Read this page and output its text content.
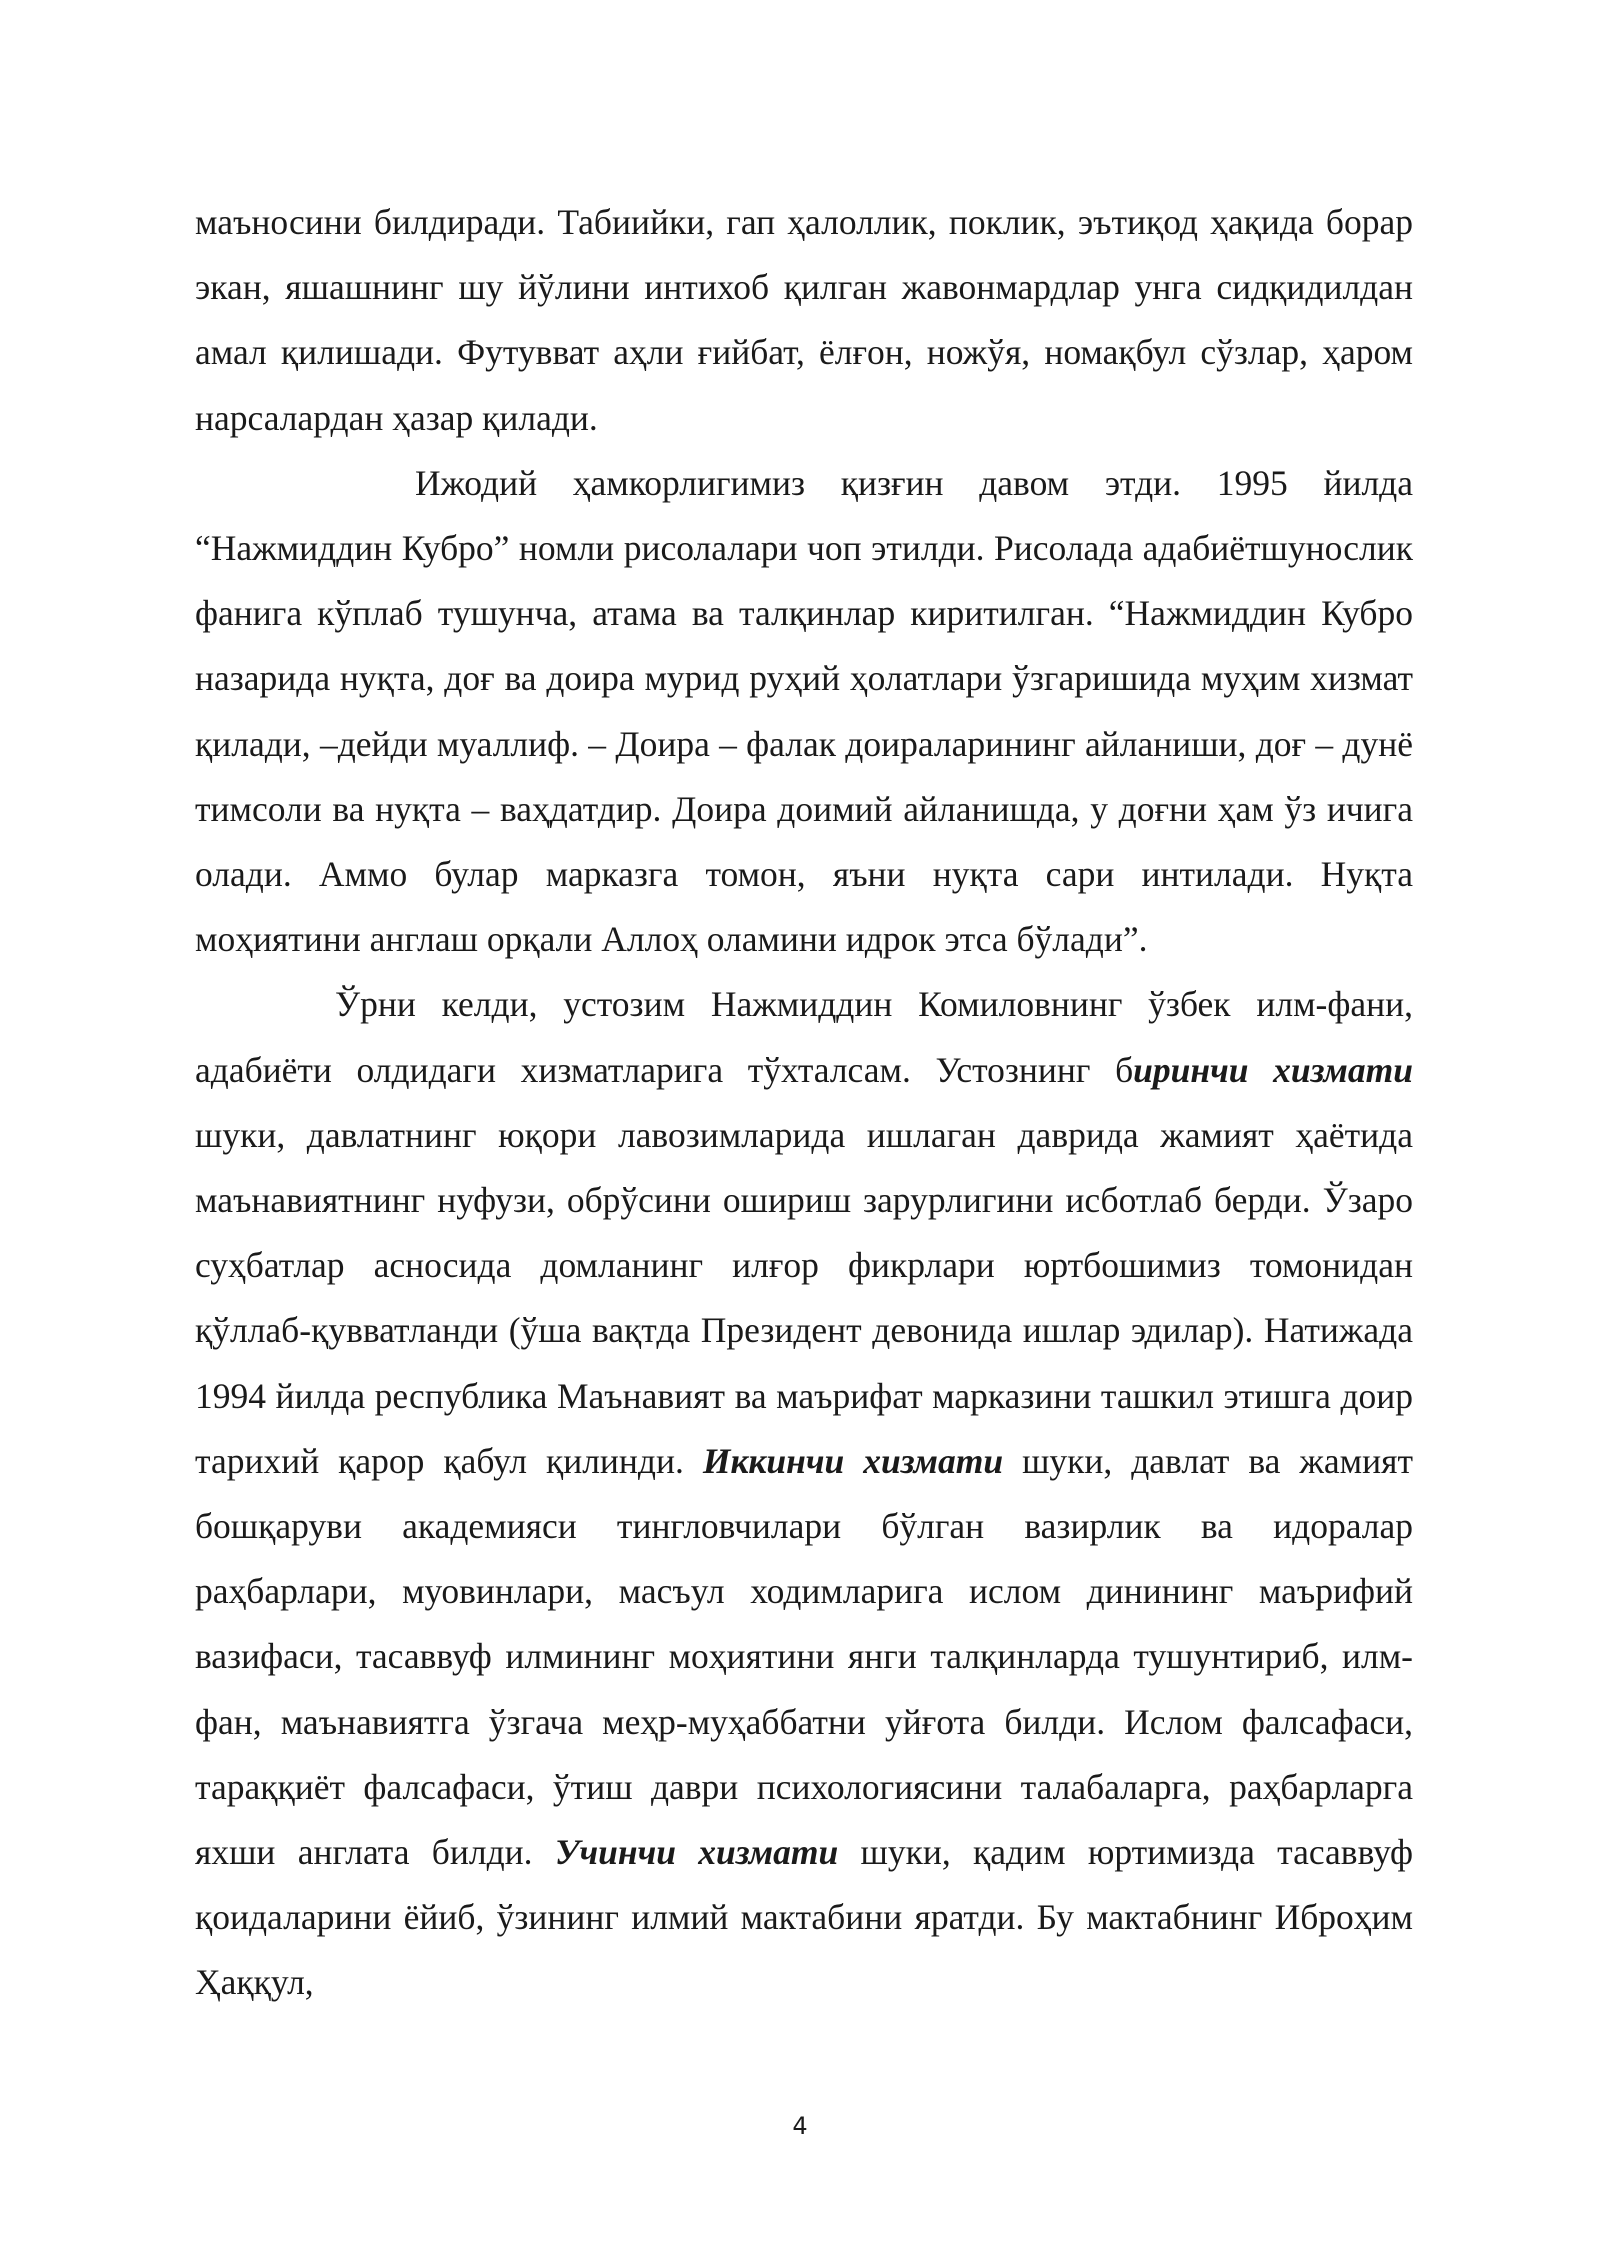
маъносини билдиради. Табиийки, гап ҳалоллик, поклик, эътиқод ҳақида борар экан, яшашнинг шу йўлини интихоб қилган жавонмардлар унга сидқидилдан амал қилишади. Футувват аҳли ғийбат, ёлғон, ножўя, номақбул сўзлар, ҳаром нарсалардан ҳазар қилади.

Ижодий ҳамкорлигимиз қизғин давом этди. 1995 йилда “Нажмиддин Кубро” номли рисолалари чоп этилди. Рисолада адабиётшунослик фанига кўплаб тушунча, атама ва талқинлар киритилган. “Нажмиддин Кубро назарида нуқта, доғ ва доира мурид руҳий ҳолатлари ўзгаришида муҳим хизмат қилади, –дейди муаллиф. – Доира – фалак доираларининг айланиши, доғ – дунё тимсоли ва нуқта – ваҳдатдир. Доира доимий айланишда, у доғни ҳам ўз ичига олади. Аммо булар марказга томон, яъни нуқта сари интилади. Нуқта моҳиятини англаш орқали Аллоҳ оламини идрок этса бўлади”.

Ўрни келди, устозим Нажмиддин Комиловнинг ўзбек илм-фани, адабиёти олдидаги хизматларига тўхталсам. Устознинг биринчи хизмати шуки, давлатнинг юқори лавозимларида ишлаган даврида жамият ҳаётида маънавиятнинг нуфузи, обрўсини ошириш зарурлигини исботлаб берди. Ўзаро суҳбатлар асносида домланинг илғор фикрлари юртбошимиз томонидан қўллаб-қувватланди (ўша вақтда Президент девонида ишлар эдилар). Натижада 1994 йилда республика Маънавият ва маърифат марказини ташкил этишга доир тарихий қарор қабул қилинди. Иккинчи хизмати шуки, давлат ва жамият бошқаруви академияси тингловчилари бўлган вазирлик ва идоралар раҳбарлари, муовинлари, масъул ходимларига ислом динининг маърифий вазифаси, тасаввуф илмининг моҳиятини янги талқинларда тушунтириб, илм-фан, маънавиятга ўзгача меҳр-муҳаббатни уйғота билди. Ислом фалсафаси, тараққиёт фалсафаси, ўтиш даври психологиясини талабаларга, раҳбарларга яхши англата билди. Учинчи хизмати шуки, қадим юртимизда тасаввуф қоидаларини ёйиб, ўзининг илмий мактабини яратди. Бу мактабнинг Иброҳим Ҳаққул,

4
